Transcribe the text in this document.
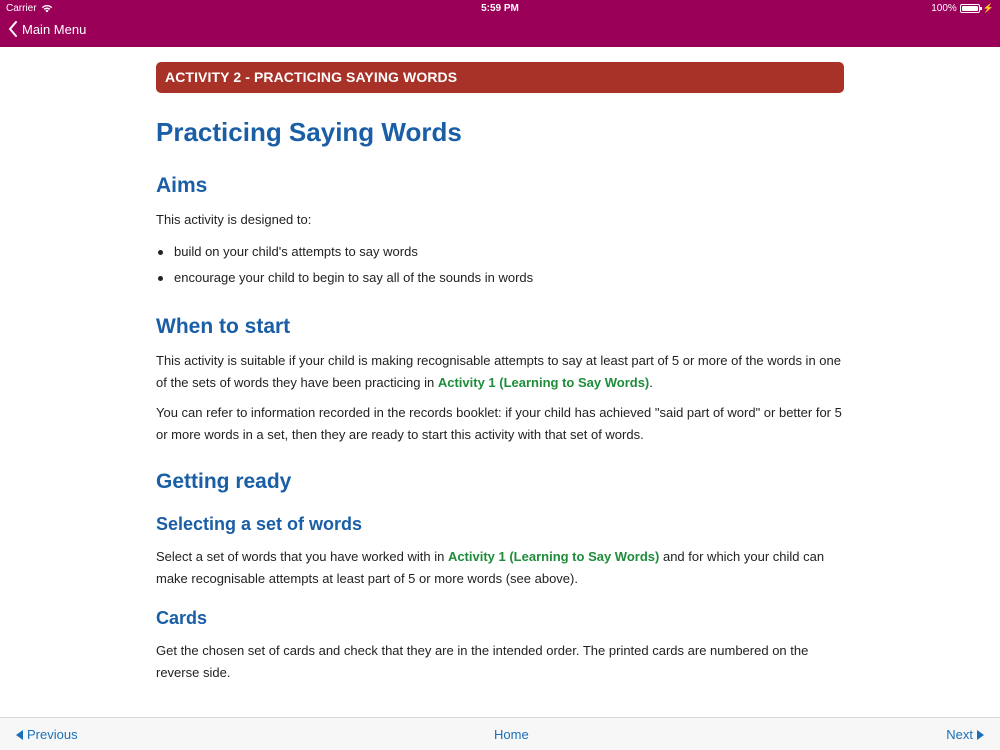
Carrier	5:59 PM	100%	⚡
Main Menu
ACTIVITY 2 - PRACTICING SAYING WORDS
Practicing Saying Words
Aims

This activity is designed to:

build on your child's attempts to say words
encourage your child to begin to say all of the sounds in words
When to start

This activity is suitable if your child is making recognisable attempts to say at least part of 5 or more of the words in one of the sets of words they have been practicing in Activity 1 (Learning to Say Words).

You can refer to information recorded in the records booklet: if your child has achieved "said part of word" or better for 5 or more words in a set, then they are ready to start this activity with that set of words.

Getting ready
Selecting a set of words

Select a set of words that you have worked with in Activity 1 (Learning to Say Words) and for which your child can make recognisable attempts at least part of 5 or more words (see above).

Cards

Get the chosen set of cards and check that they are in the intended order. The printed cards are numbered on the reverse side.

Previous	Home	Next
